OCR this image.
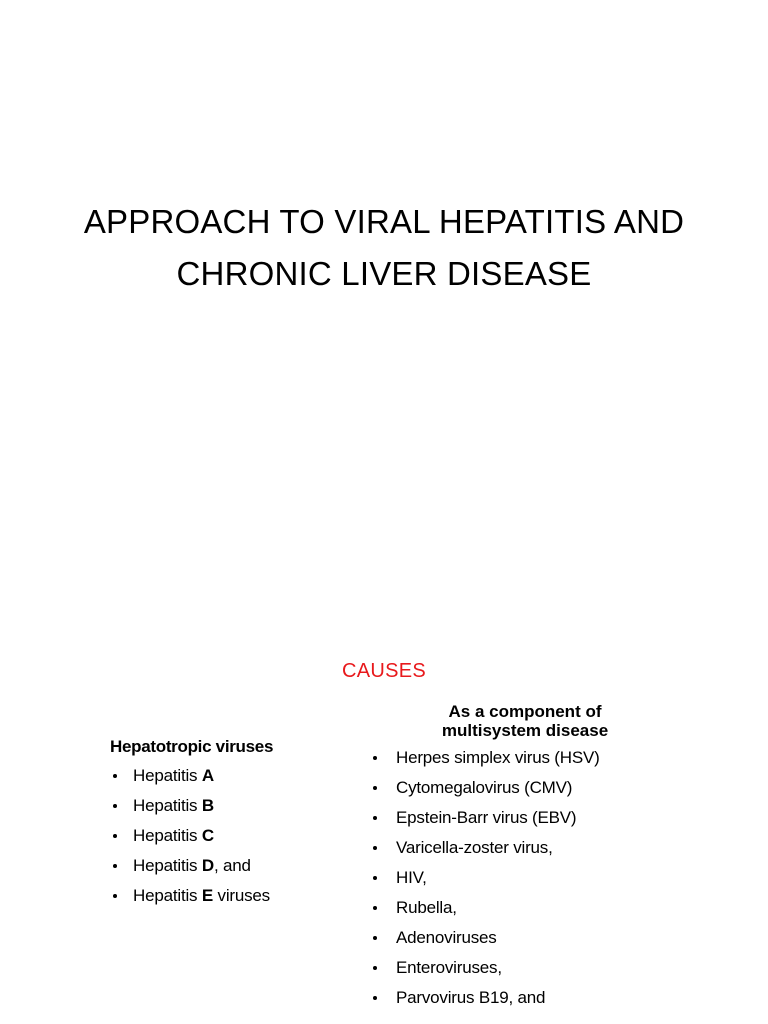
APPROACH TO VIRAL HEPATITIS AND
CHRONIC LIVER DISEASE
CAUSES
Hepatotropic viruses
Hepatitis A
Hepatitis B
Hepatitis C
Hepatitis D, and
Hepatitis E viruses
As a component of
multisystem disease
Herpes simplex virus (HSV)
Cytomegalovirus (CMV)
Epstein-Barr virus (EBV)
Varicella-zoster virus,
HIV,
Rubella,
Adenoviruses
Enteroviruses,
Parvovirus B19, and
